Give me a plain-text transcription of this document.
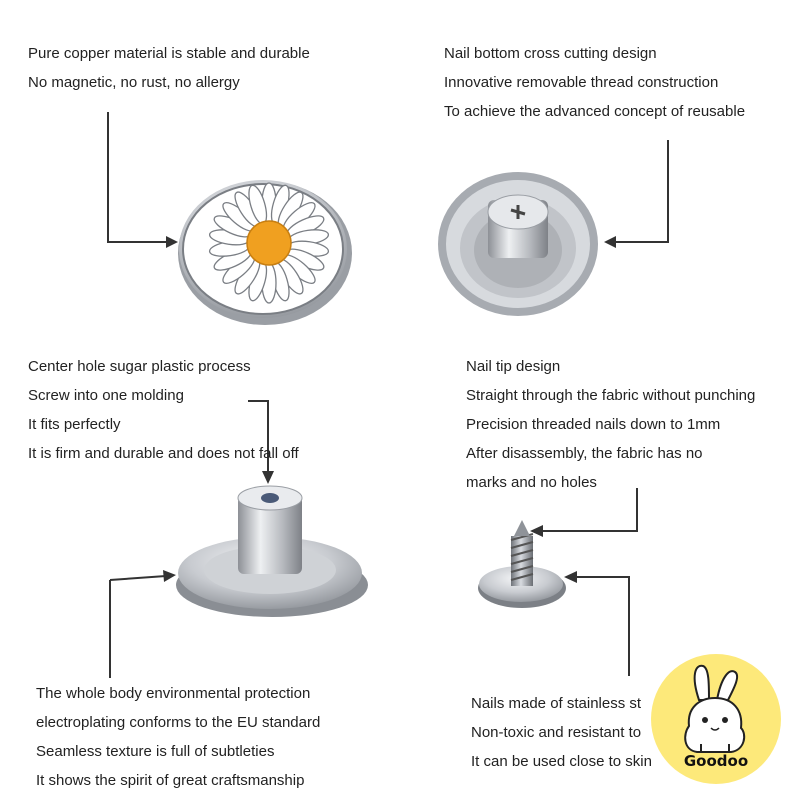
Pure copper material is stable and durable
No magnetic, no rust, no allergy
Nail bottom cross cutting design
Innovative removable thread construction
To achieve the advanced concept of reusable
Center hole sugar plastic process
Screw into one molding
It fits perfectly
It is firm and durable and does not fall off
Nail tip design
Straight through the fabric without punching
Precision threaded nails down to 1mm
After disassembly, the fabric has no
marks and no holes
The whole body environmental protection
electroplating conforms to the EU standard
Seamless texture is full of subtleties
It shows the spirit of great craftsmanship
Nails made of stainless st
Non-toxic and resistant to
It can be used close to skin	Goodoo
